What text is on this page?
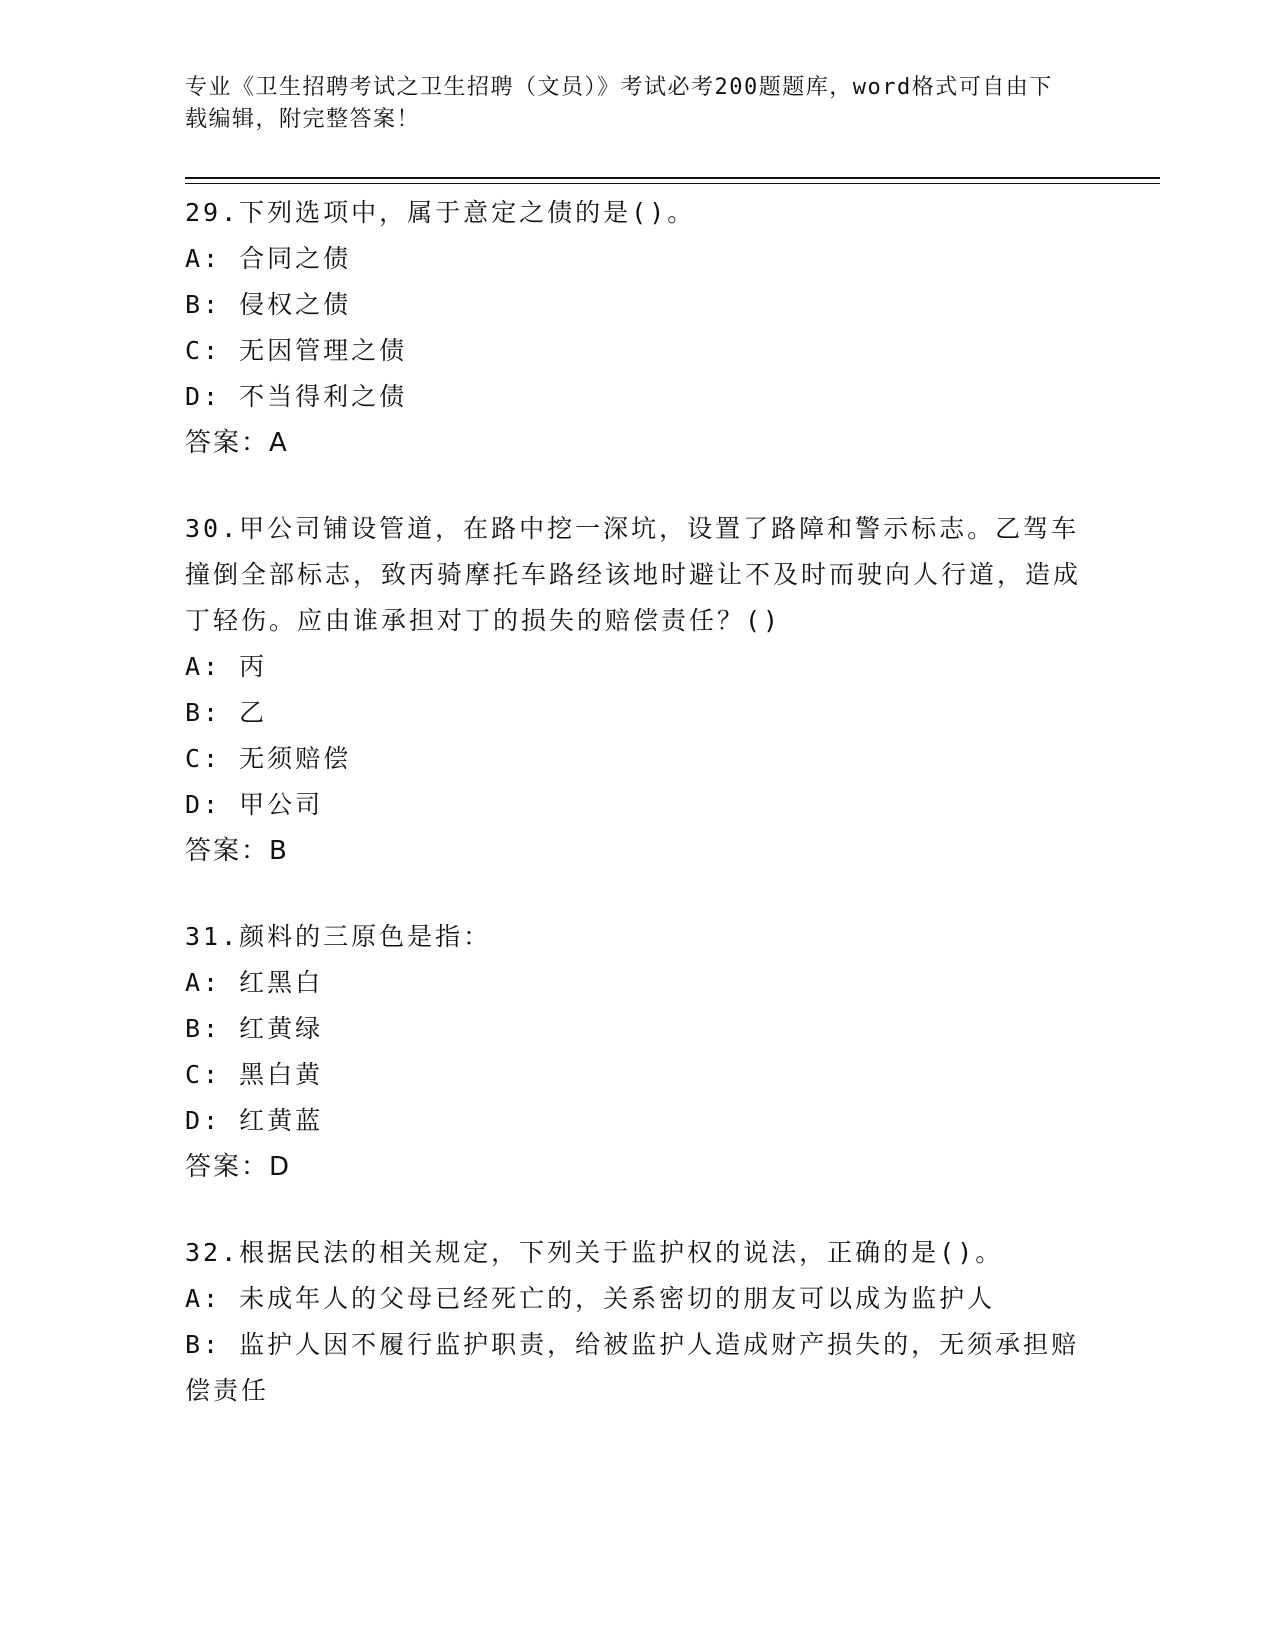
专业《卫生招聘考试之卫生招聘（文员）》考试必考200题题库，word格式可自由下载编辑，附完整答案！
29.下列选项中，属于意定之债的是()。
A: 合同之债
B: 侵权之债
C: 无因管理之债
D: 不当得利之债
答案：A
30.甲公司铺设管道，在路中挖一深坑，设置了路障和警示标志。乙驾车撞倒全部标志，致丙骑摩托车路经该地时避让不及时而驶向人行道，造成丁轻伤。应由谁承担对丁的损失的赔偿责任？()
A: 丙
B: 乙
C: 无须赔偿
D: 甲公司
答案：B
31.颜料的三原色是指：
A: 红黑白
B: 红黄绿
C: 黑白黄
D: 红黄蓝
答案：D
32.根据民法的相关规定，下列关于监护权的说法，正确的是()。
A: 未成年人的父母已经死亡的，关系密切的朋友可以成为监护人
B: 监护人因不履行监护职责，给被监护人造成财产损失的，无须承担赔偿责任
